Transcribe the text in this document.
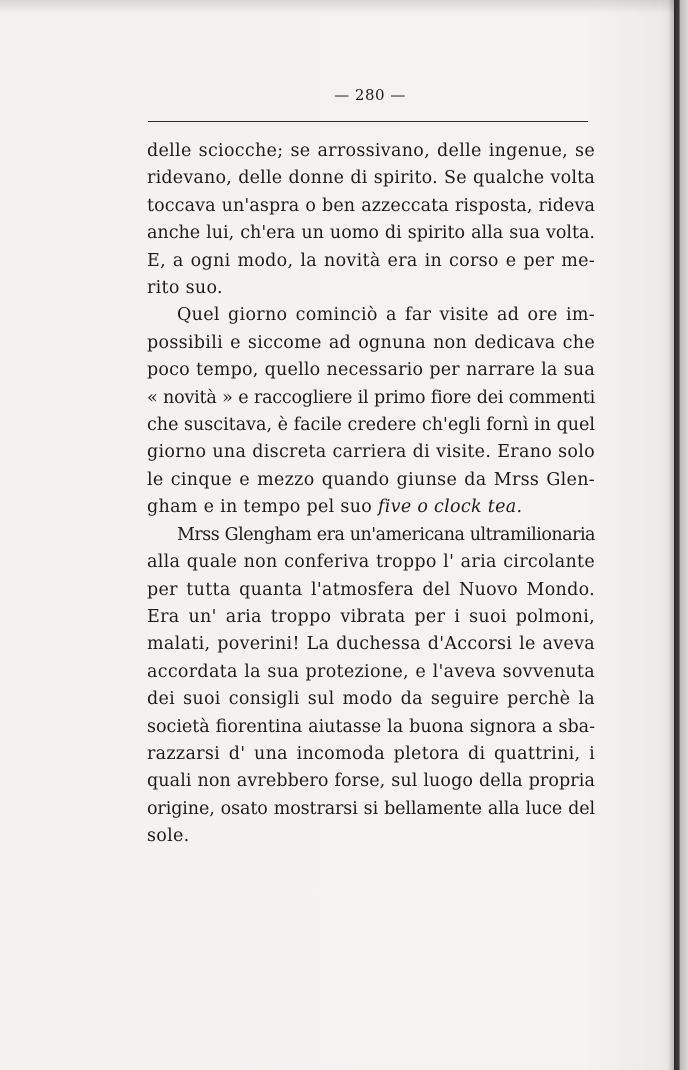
— 280 —

delle sciocche; se arrossivano, delle ingenue, se
ridevano, delle donne di spirito. Se qualche volta
toccava un'aspra o ben azzeccata risposta, rideva
anche lui, ch'era un uomo di spirito alla sua volta.
E, a ogni modo, la novità era in corso e per me-
rito suo.

Quel giorno cominciò a far visite ad ore im-
possibili e siccome ad ognuna non dedicava che
poco tempo, quello necessario per narrare la sua
« novità » e raccogliere il primo fiore dei commenti
che suscitava, è facile credere ch'egli fornì in quel
giorno una discreta carriera di visite. Erano solo
le cinque e mezzo quando giunse da Mrss Glen-
gham e in tempo pel suo five o clock tea.

Mrss Glengham era un'americana ultramilionaria
alla quale non conferiva troppo l' aria circolante
per tutta quanta l'atmosfera del Nuovo Mondo.
Era un' aria troppo vibrata per i suoi polmoni,
malati, poverini! La duchessa d'Accorsi le aveva
accordata la sua protezione, e l'aveva sovvenuta
dei suoi consigli sul modo da seguire perchè la
società fiorentina aiutasse la buona signora a sba-
razzarsi d' una incomoda pletora di quattrini, i
quali non avrebbero forse, sul luogo della propria
origine, osato mostrarsi si bellamente alla luce del
sole.
